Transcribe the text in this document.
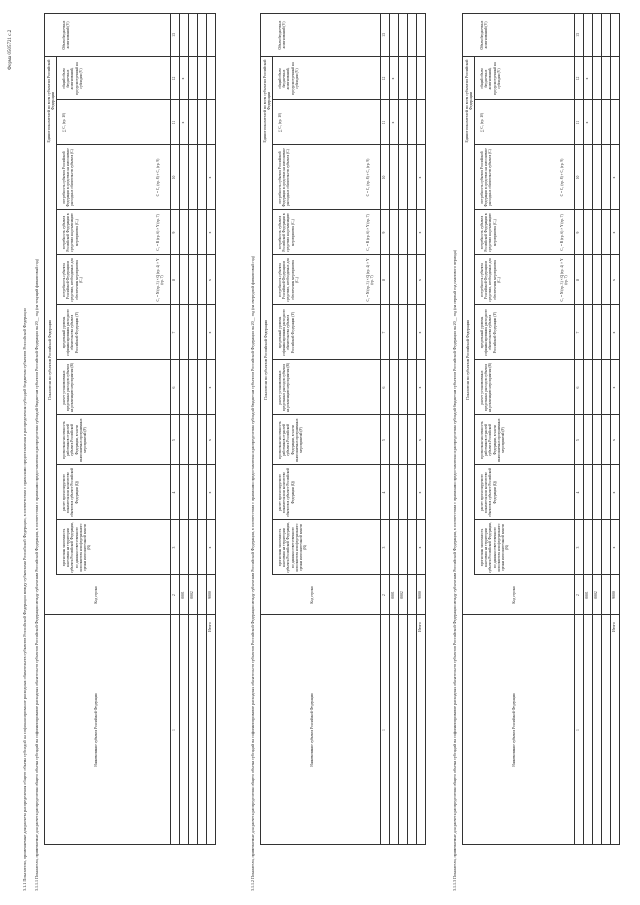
Форма 0505721 с.2
3.1.1 Показатели, применяемые для расчета распределения общего объема субсидий на софинансирование расходных обязательств субъектов Российской Федерации между субъектами Российской Федерации, в соответствии с правилами предоставления и распределения субсидий бюджетам субъектов Российской Федерации 3.1.1.1 Показатели, применяемые для расчета распределения общего объема субсидий на софинансирование расходных обязательств субъектов Российской Федерации между субъектами Российской Федерации, в соответствии с правилами предоставления и распределения субсидий бюджетам субъектов Российской Федерации на 20__ год (на текущий финансовый год) Показатели по субъектам Российской Федерации
Единое показателей по всем субъектам Российской Федерации
Наименование субъекта Российской Федерации
Код строки
прогнозная численность населения на территории субъекта Российской Федерации, по данным ответственного исполнителя или федерального органа исполнительной власти (N)
расчет прогнозируемого показателя или количество объектов в субъекте Российской Федерации (Q)
прогнозная численность работников отраслей субъекта Российской Федерации, в части выполняемых программных мероприятий (Р)
расчет установленных предельных расходов субъекта на реализацию мероприятия (R)
предельный уровень софинансирования расходного обязательства субъекта Российской Федерации (Y)
потребность субъекта Российской Федерации в средствах, необходимых для обеспечения мероприятия (C₁)
потребность субъекта Российской Федерации в средствах на реализацию мероприятия (C₂)
потребность субъекта Российской Федерации в средствах на исполнение расходных обязательств субъекта (C)
∑ C₁ (гр. 10)
общий объем бюджетных ассигнований, предусмотренный на субсидии (V)
Объем бюджетных ассигнований (V)
C₁ = N (гр. 3) × Q (гр. 4) × Y (гр. 7)
C₂ = R (гр. 6) × Y (гр. 7)
C = C₁ (гр. 8) + C₂ (гр. 9)
1
2
3
4
5
6
7
8
9
10
11
12
13
0001 0002
Итого
9000
x
x
x
x
x
x
x
x
x
x
3.1.1.2 Показатели, применяемые для расчета распределения общего объема субсидий на софинансирование расходных обязательств субъектов Российской Федерации между субъектами Российской Федерации, в соответствии с правилами предоставления и распределения субсидий бюджетам субъектов Российской Федерации на 20__ год (на очередной финансовый год) Показатели по субъектам Российской Федерации
Единое показателей по всем субъектам Российской Федерации
Наименование субъекта Российской Федерации
Код строки
прогнозная численность населения на территории субъекта Российской Федерации, по данным ответственного исполнителя или федерального органа исполнительной власти (N)
расчет прогнозируемого показателя или количество объектов в субъекте Российской Федерации (Q)
прогнозная численность работников отраслей субъекта Российской Федерации, в части выполняемых программных мероприятий (Р)
расчет установленных предельных расходов субъекта на реализацию мероприятия (R)
предельный уровень софинансирования расходного обязательства субъекта Российской Федерации (Y)
потребность субъекта Российской Федерации в средствах, необходимых для обеспечения мероприятия (C₁)
потребность субъекта Российской Федерации в средствах на реализацию мероприятия (C₂)
потребность субъекта Российской Федерации в средствах на исполнение расходных обязательств субъекта (C)
∑ C₁ (гр. 10)
общий объем бюджетных ассигнований, предусмотренный на субсидии (V)
Объем бюджетных ассигнований (V)
C₁ = N (гр. 3) × Q (гр. 4) × Y (гр. 7)
C₂ = R (гр. 6) × Y (гр. 7)
C = C₁ (гр. 8) + C₂ (гр. 9)
1
2
3
4
5
6
7
8
9
10
11
12
13
0001 0002
Итого
9000
x
x
x
x
x
x
x
x
x
x
3.1.1.3 Показатели, применяемые для расчета распределения общего объема субсидий на софинансирование расходных обязательств субъектов Российской Федерации между субъектами Российской Федерации, в соответствии с правилами предоставления и распределения субсидий бюджетам субъектов Российской Федерации на 20__ год (на первый год планового периода) Показатели по субъектам Российской Федерации
Единое показателей по всем субъектам Российской Федерации
Наименование субъекта Российской Федерации
Код строки
прогнозная численность населения на территории субъекта Российской Федерации, по данным ответственного исполнителя или федерального органа исполнительной власти (N)
расчет прогнозируемого показателя или количество объектов в субъекте Российской Федерации (Q)
прогнозная численность работников отраслей субъекта Российской Федерации, в части выполняемых программных мероприятий (Р)
расчет установленных предельных расходов субъекта на реализацию мероприятия (R)
предельный уровень софинансирования расходного обязательства субъекта Российской Федерации (Y)
потребность субъекта Российской Федерации в средствах, необходимых для обеспечения мероприятия (C₁)
потребность субъекта Российской Федерации в средствах на реализацию мероприятия (C₂)
потребность субъекта Российской Федерации в средствах на исполнение расходных обязательств субъекта (C)
∑ C₁ (гр. 10)
общий объем бюджетных ассигнований, предусмотренный на субсидии (V)
Объем бюджетных ассигнований (V)
C₁ = N (гр. 3) × Q (гр. 4) × Y (гр. 7)
C₂ = R (гр. 6) × Y (гр. 7)
C = C₁ (гр. 8) + C₂ (гр. 9)
1
2
3
4
5
6
7
8
9
10
11
12
13
0001 0002
Итого
9000
x
x
x
x
x
x
x
x
x
x
